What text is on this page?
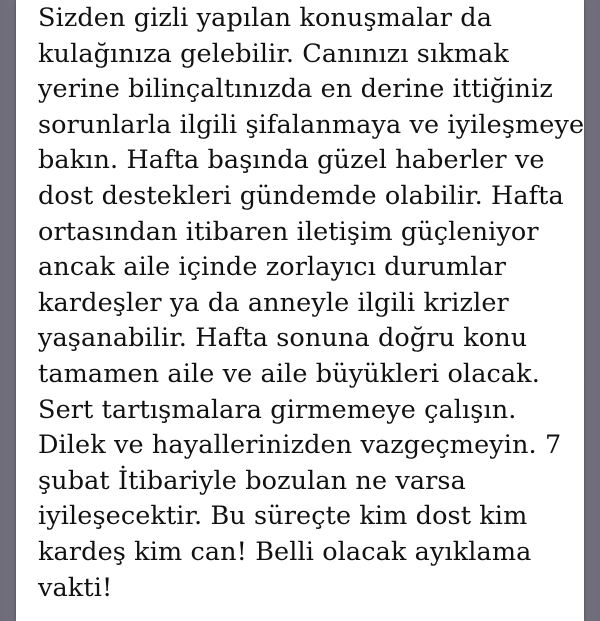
Sizden gizli yapılan konuşmalar da
kulağınıza gelebilir. Canınızı sıkmak
yerine bilinçaltınızda en derine ittiğiniz
sorunlarla ilgili şifalanmaya ve iyileşmeye
bakın. Hafta başında güzel haberler ve
dost destekleri gündemde olabilir. Hafta
ortasından itibaren iletişim güçleniyor
ancak aile içinde zorlayıcı durumlar
kardeşler ya da anneyle ilgili krizler
yaşanabilir. Hafta sonuna doğru konu
tamamen aile ve aile büyükleri olacak.
Sert tartışmalara girmemeye çalışın.
Dilek ve hayallerinizden vazgeçmeyin. 7
şubat İtibariyle bozulan ne varsa
iyileşecektir. Bu süreçte kim dost kim
kardeş kim can! Belli olacak ayıklama
vakti!
